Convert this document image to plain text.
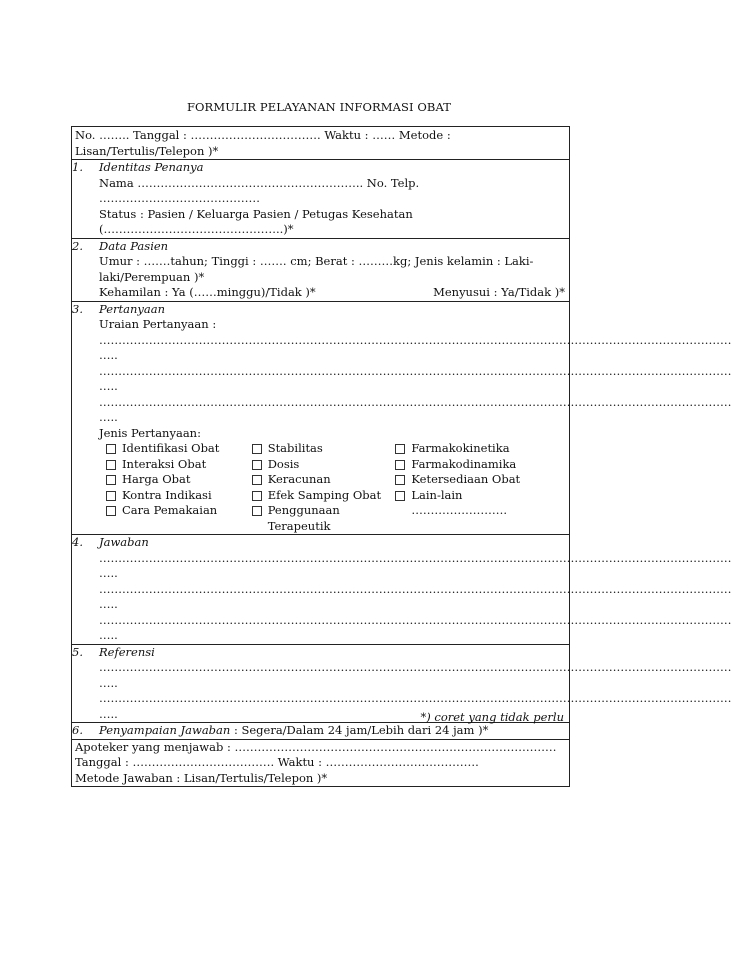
FORMULIR PELAYANAN INFORMASI OBAT
No. …….. Tanggal : ……………………………. Waktu : …… Metode :
Lisan/Tertulis/Telepon )*
1. Identitas Penanya
Nama ………………………………………………….. No. Telp.
……………………………………
Status : Pasien / Keluarga Pasien / Petugas Kesehatan
(………………………………………..)*
2. Data Pasien
Umur : …….tahun; Tinggi : ……. cm; Berat : ………kg; Jenis kelamin : Laki-
laki/Perempuan )*
Kehamilan : Ya (……minggu)/Tidak )*	Menyusui : Ya/Tidak )*
3. Pertanyaan
Uraian Pertanyaan :
…………………………………………………………………………………………………………………………………………………
…..
…………………………………………………………………………………………………………………………………………………
…..
…………………………………………………………………………………………………………………………………………………
…..
Jenis Pertanyaan:
Identifikasi Obat
Interaksi Obat
Harga Obat
Kontra Indikasi
Cara Pemakaian
Stabilitas
Dosis
Keracunan
Efek Samping Obat
Penggunaan
Terapeutik
Farmakokinetika
Farmakodinamika
Ketersediaan Obat
Lain-lain
…………………….
4. Jawaban
…………………………………………………………………………………………………………………………………………………
…..
…………………………………………………………………………………………………………………………………………………
…..
…………………………………………………………………………………………………………………………………………………
…..
5. Referensi
…………………………………………………………………………………………………………………………………………………
…..
…………………………………………………………………………………………………………………………………………………
…..
6.	Penyampaian Jawaban : Segera/Dalam 24 jam/Lebih dari 24 jam )*
Apoteker yang menjawab : …………………………………………………………………………
Tanggal : ………………………………. Waktu : ………………………………….
Metode Jawaban : Lisan/Tertulis/Telepon )*
*) coret yang tidak perlu
